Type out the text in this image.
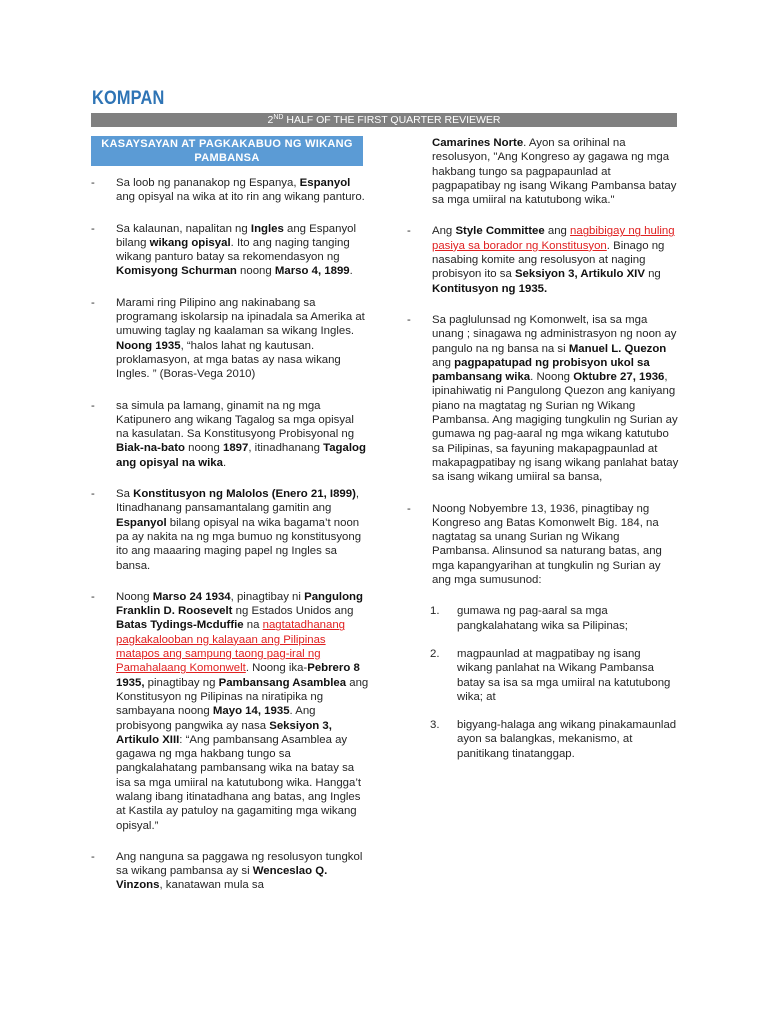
KOMPAN
2ND HALF OF THE FIRST QUARTER REVIEWER
KASAYSAYAN AT PAGKAKABUO NG WIKANG PAMBANSA
-	Sa loob ng pananakop ng Espanya, Espanyol ang opisyal na wika at ito rin ang wikang panturo.
-	Sa kalaunan, napalitan ng Ingles ang Espanyol bilang wikang opisyal. Ito ang naging tanging wikang panturo batay sa rekomendasyon ng Komisyong Schurman noong Marso 4, 1899.
-	Marami ring Pilipino ang nakinabang sa programang iskolarsip na ipinadala sa Amerika at umuwing taglay ng kaalaman sa wikang Ingles. Noong 1935, “halos lahat ng kautusan. proklamasyon, at mga batas ay nasa wikang Ingles. ” (Boras-Vega 2010)
-	sa simula pa lamang, ginamit na ng mga Katipunero ang wikang Tagalog sa mga opisyal na kasulatan. Sa Konstitusyong Probisyonal ng Biak-na-bato noong 1897, itinadhanang Tagalog ang opisyal na wika.
-	Sa Konstitusyon ng Malolos (Enero 21, I899), Itinadhanang pansamantalang gamitin ang Espanyol bilang opisyal na wika bagama’t noon pa ay nakita na ng mga bumuo ng konstitusyong ito ang maaaring maging papel ng Ingles sa bansa.
-	Noong Marso 24 1934, pinagtibay ni Pangulong Franklin D. Roosevelt ng Estados Unidos ang Batas Tydings-Mcduffie na nagtatadhanang pagkakalooban ng kalayaan ang Pilipinas matapos ang sampung taong pag-iral ng Pamahalaang Komonwelt. Noong ika-Pebrero 8 1935, pinagtibay ng Pambansang Asamblea ang Konstitusyon ng Pilipinas na niratipika ng sambayana noong Mayo 14, 1935. Ang probisyong pangwika ay nasa Seksiyon 3, Artikulo XIII: “Ang pambansang Asamblea ay gagawa ng mga hakbang tungo sa pangkalahatang pambansang wika na batay sa isa sa mga umiiral na katutubong wika. Hangga’t walang ibang itinatadhana ang batas, ang Ingles at Kastila ay patuloy na gagamiting mga wikang opisyal.”
-	Ang nanguna sa paggawa ng resolusyon tungkol sa wikang pambansa ay si Wenceslao Q. Vinzons, kanatawan mula sa
Camarines Norte. Ayon sa orihinal na resolusyon, "Ang Kongreso ay gagawa ng mga hakbang tungo sa pagpapaunlad at pagpapatibay ng isang Wikang Pambansa batay sa mga umiiral na katutubong wika."
-	Ang Style Committee ang nagbibigay ng huling pasiya sa borador ng Konstitusyon. Binago ng nasabing komite ang resolusyon at naging probisyon ito sa Seksiyon 3, Artikulo XIV ng Kontitusyon ng 1935.
-	Sa paglulunsad ng Komonwelt, isa sa mga unang ; sinagawa ng administrasyon ng noon ay pangulo na ng bansa na si Manuel L. Quezon ang pagpapatupad ng probisyon ukol sa pambansang wika. Noong Oktubre 27, 1936, ipinahiwatig ni Pangulong Quezon ang kaniyang piano na magtatag ng Surian ng Wikang Pambansa. Ang magiging tungkulin ng Surian ay gumawa ng pag-aaral ng mga wikang katutubo sa Pilipinas, sa fayuning makapagpaunlad at makapagpatibay ng isang wikang panlahat batay sa isang wikang umiiral sa bansa,
-	Noong Nobyembre 13, 1936, pinagtibay ng Kongreso ang Batas Komonwelt Big. 184, na nagtatag sa unang Surian ng Wikang Pambansa. Alinsunod sa naturang batas, ang mga kapangyarihan at tungkulin ng Surian ay ang mga sumusunod:
1.	gumawa ng pag-aaral sa mga pangkalahatang wika sa Pilipinas;
2.	magpaunlad at magpatibay ng isang wikang panlahat na Wikang Pambansa batay sa isa sa mga umiiral na katutubong wika; at
3.	bigyang-halaga ang wikang pinakamaunlad ayon sa balangkas, mekanismo, at panitikang tinatanggap.
